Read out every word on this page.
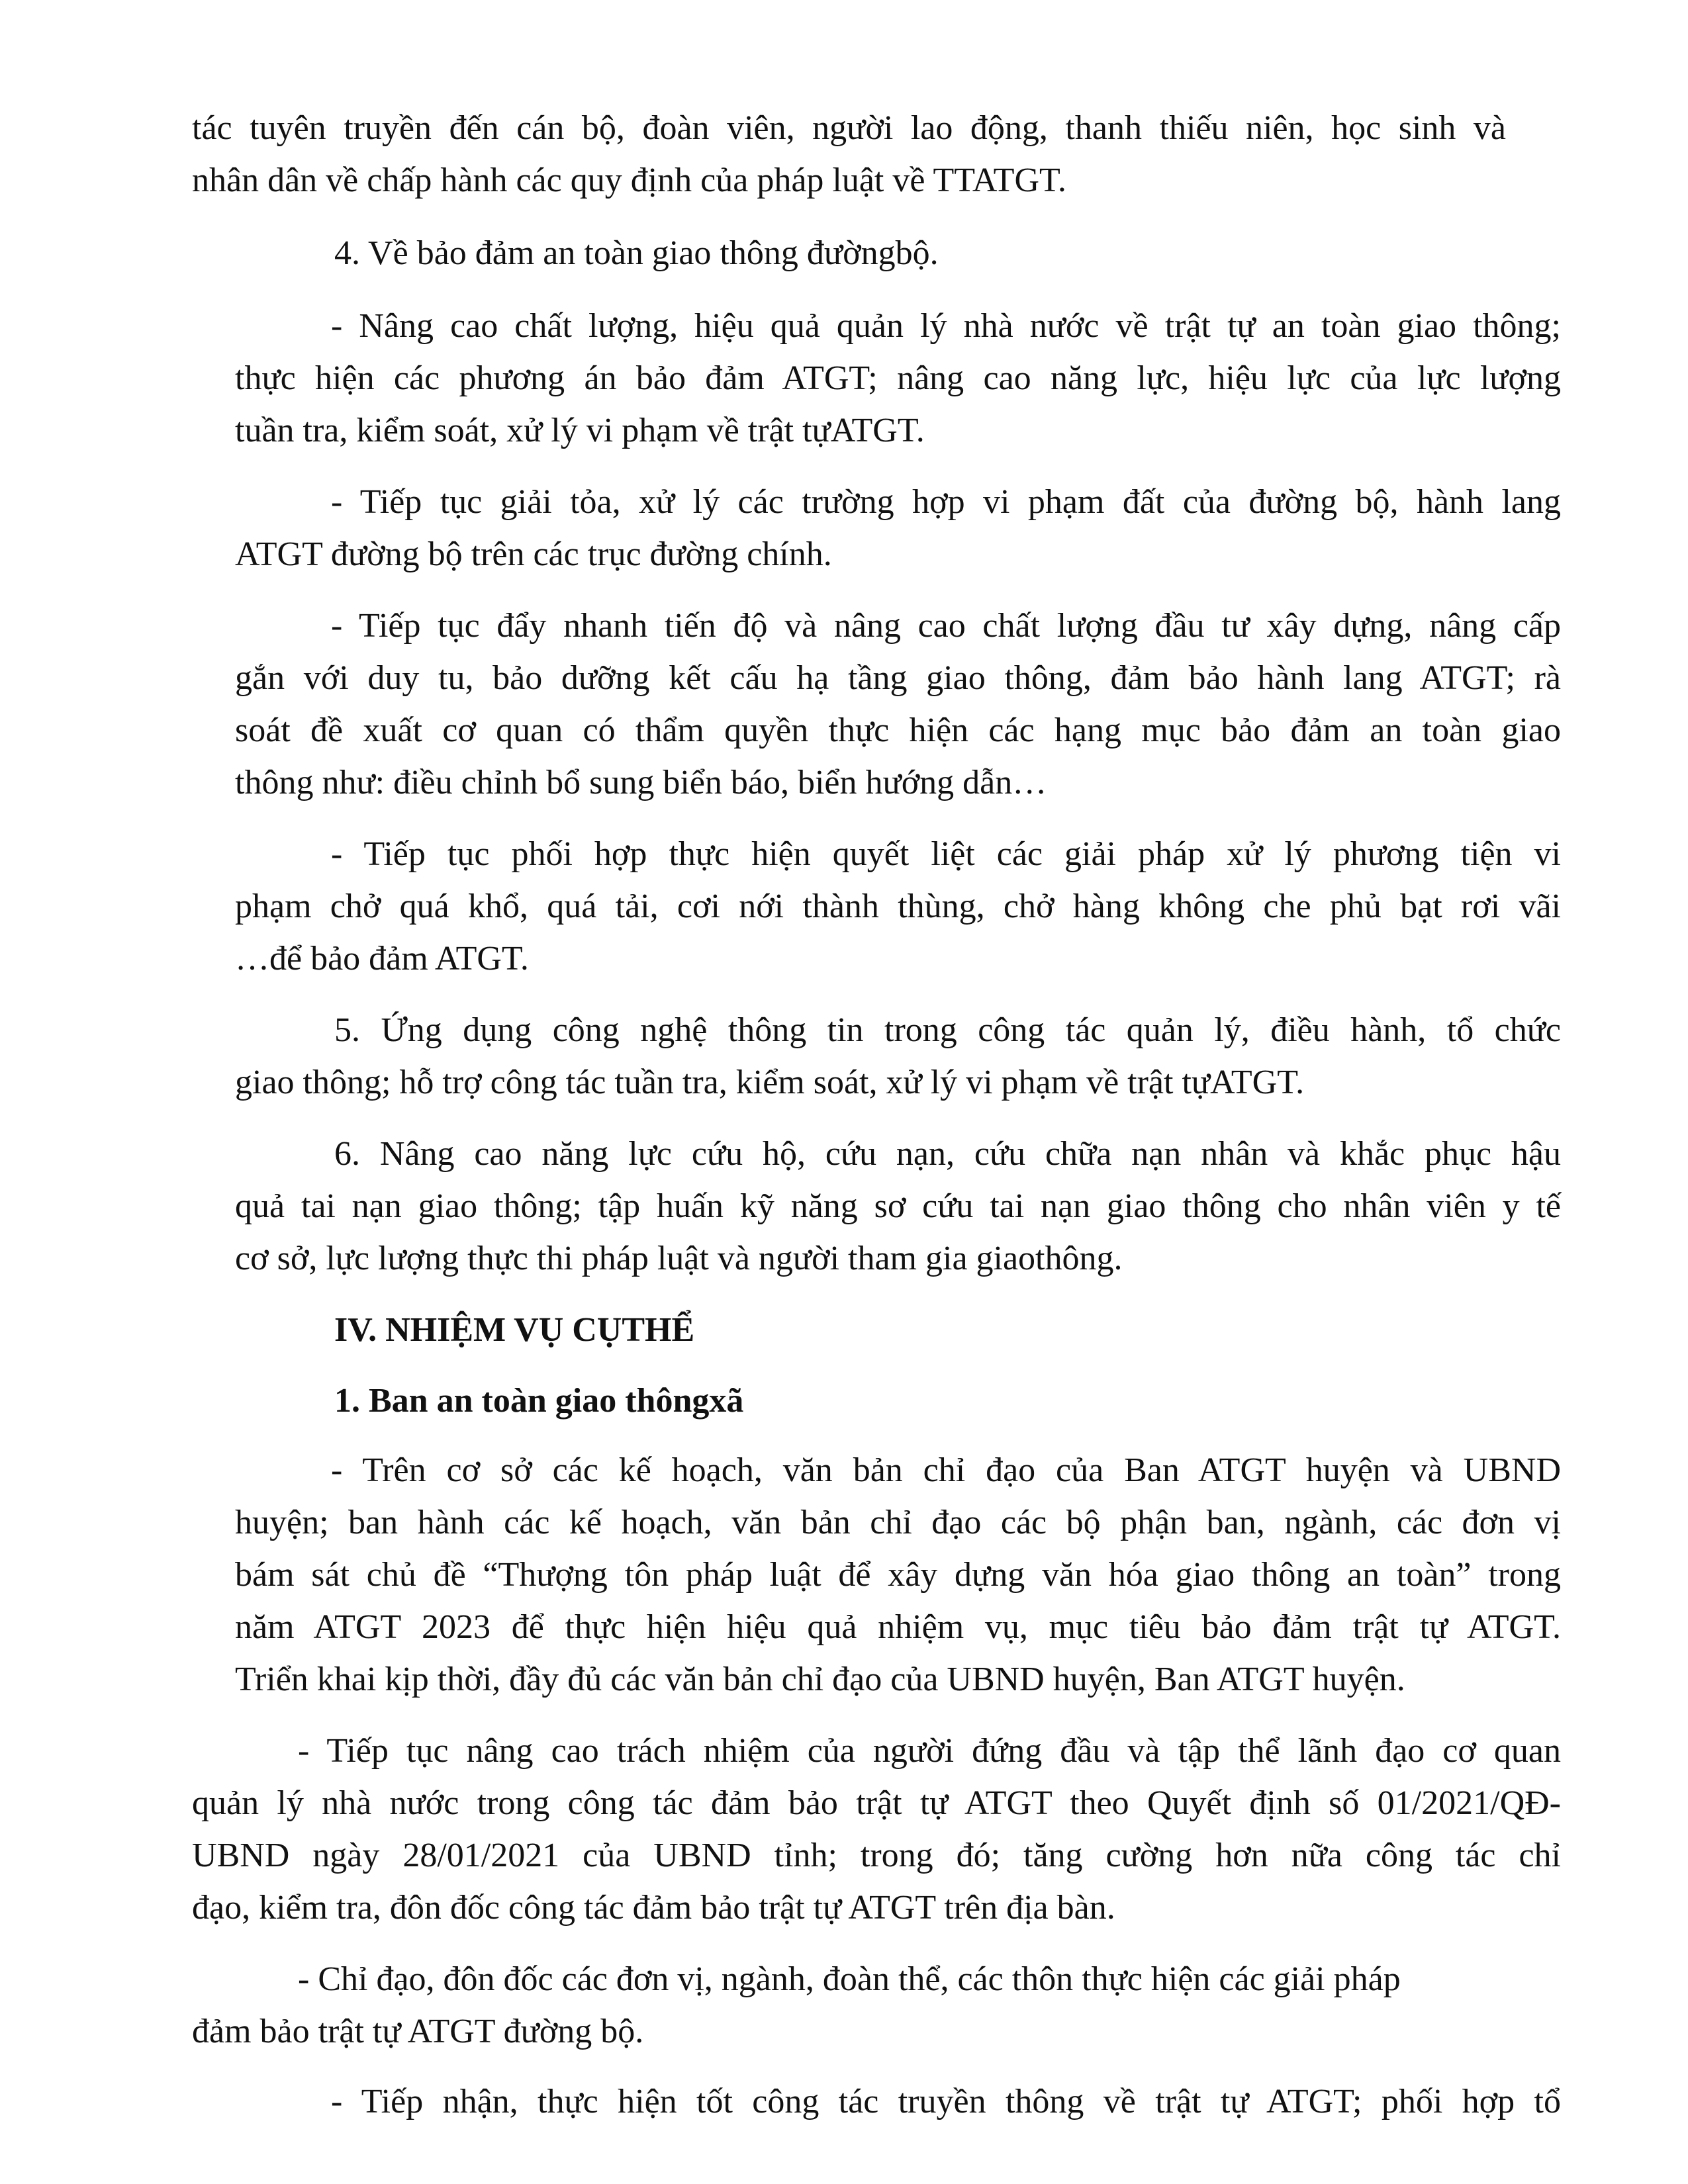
tác tuyên truyền đến cán bộ, đoàn viên, người lao động, thanh thiếu niên, học sinh và
nhân dân về chấp hành các quy định của pháp luật về TTATGT.
4. Về bảo đảm an toàn giao thông đườngbộ.
- Nâng cao chất lượng, hiệu quả quản lý nhà nước về trật tự an toàn giao thông;
thực hiện các phương án bảo đảm ATGT; nâng cao năng lực, hiệu lực của lực lượng
tuần tra, kiểm soát, xử lý vi phạm về trật tựATGT.
- Tiếp tục giải tỏa, xử lý các trường hợp vi phạm đất của đường bộ, hành lang
ATGT đường bộ trên các trục đường chính.
- Tiếp tục đẩy nhanh tiến độ và nâng cao chất lượng đầu tư xây dựng, nâng cấp
gắn với duy tu, bảo dưỡng kết cấu hạ tầng giao thông, đảm bảo hành lang ATGT; rà
soát đề xuất cơ quan có thẩm quyền thực hiện các hạng mục bảo đảm an toàn giao
thông như: điều chỉnh bổ sung biển báo, biển hướng dẫn…
- Tiếp tục phối hợp thực hiện quyết liệt các giải pháp xử lý phương tiện vi
phạm chở quá khổ, quá tải, cơi nới thành thùng, chở hàng không che phủ bạt rơi vãi
…để bảo đảm ATGT.
5. Ứng dụng công nghệ thông tin trong công tác quản lý, điều hành, tổ chức
giao thông; hỗ trợ công tác tuần tra, kiểm soát, xử lý vi phạm về trật tựATGT.
6. Nâng cao năng lực cứu hộ, cứu nạn, cứu chữa nạn nhân và khắc phục hậu
quả tai nạn giao thông; tập huấn kỹ năng sơ cứu tai nạn giao thông cho nhân viên y tế
cơ sở, lực lượng thực thi pháp luật và người tham gia giaothông.
IV. NHIỆM VỤ CỤTHỂ
1. Ban an toàn giao thôngxã
- Trên cơ sở các kế hoạch, văn bản chỉ đạo của Ban ATGT huyện và UBND
huyện; ban hành các kế hoạch, văn bản chỉ đạo các bộ phận ban, ngành, các đơn vị
bám sát chủ đề “Thượng tôn pháp luật để xây dựng văn hóa giao thông an toàn” trong
năm ATGT 2023 để thực hiện hiệu quả nhiệm vụ, mục tiêu bảo đảm trật tự ATGT.
Triển khai kịp thời, đầy đủ các văn bản chỉ đạo của UBND huyện, Ban ATGT huyện.
- Tiếp tục nâng cao trách nhiệm của người đứng đầu và tập thể lãnh đạo cơ quan
quản lý nhà nước trong công tác đảm bảo trật tự ATGT theo Quyết định số 01/2021/QĐ-
UBND ngày 28/01/2021 của UBND tỉnh; trong đó; tăng cường hơn nữa công tác chỉ
đạo, kiểm tra, đôn đốc công tác đảm bảo trật tự ATGT trên địa bàn.
- Chỉ đạo, đôn đốc các đơn vị, ngành, đoàn thể, các thôn thực hiện các giải pháp
đảm bảo trật tự ATGT đường bộ.
- Tiếp nhận, thực hiện tốt công tác truyền thông về trật tự ATGT; phối hợp tổ
